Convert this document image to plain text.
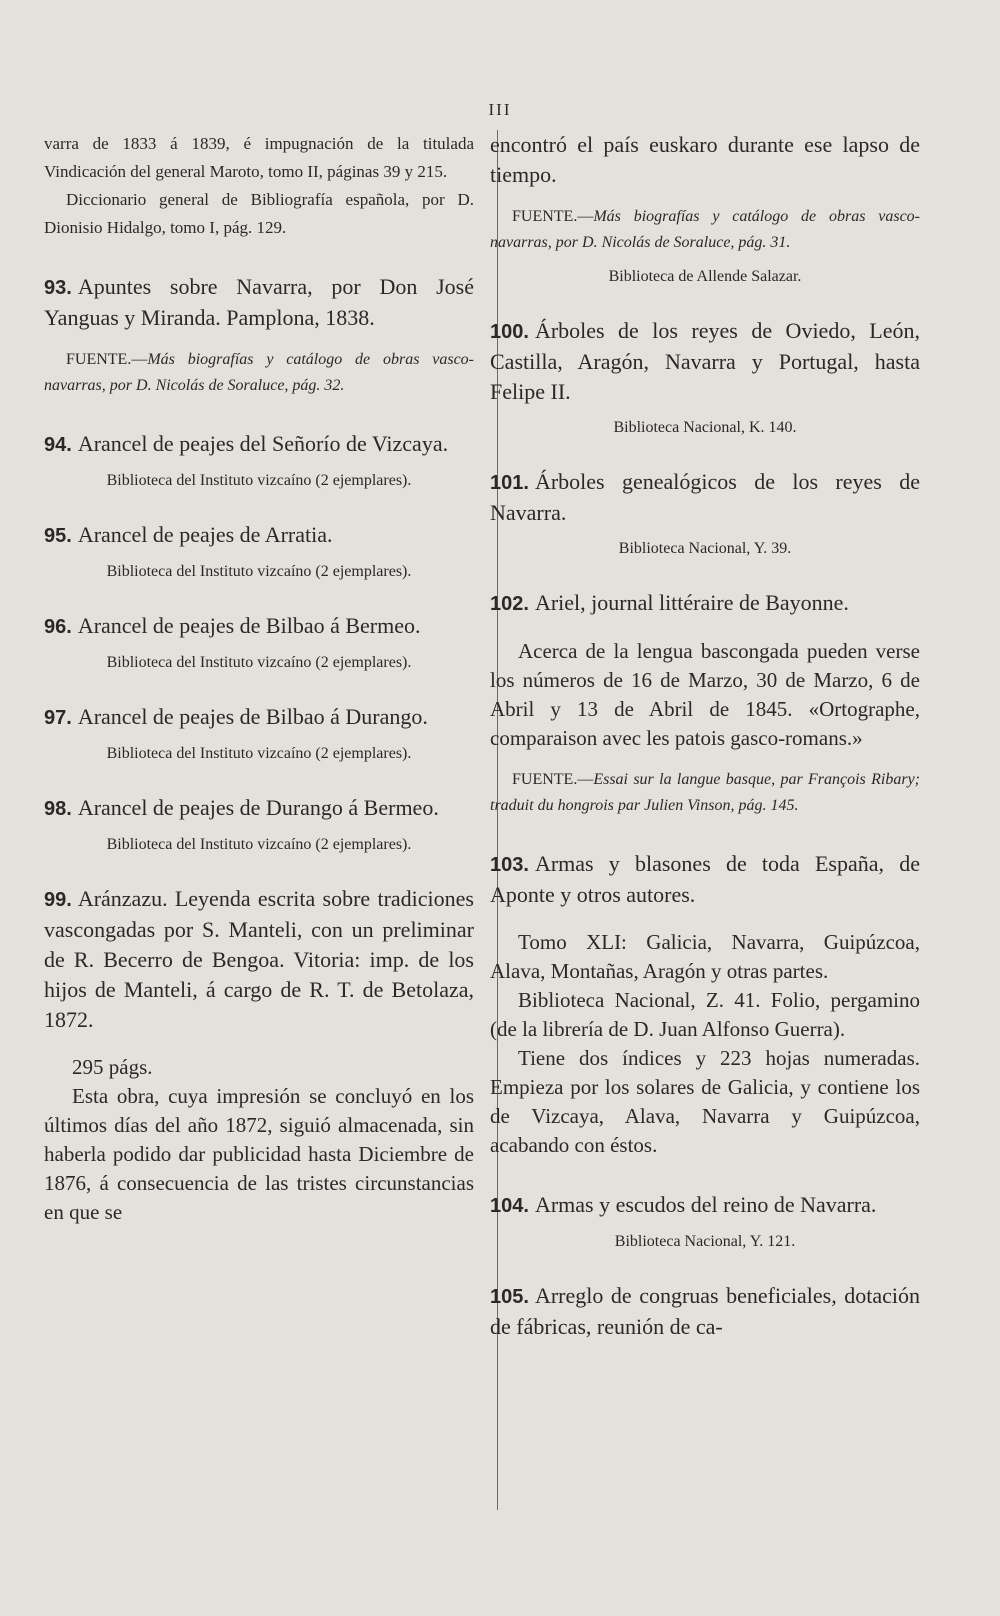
III

varra de 1833 á 1839, é impugnación de la titulada Vindicación del general Maroto, tomo II, páginas 39 y 215.

Diccionario general de Bibliografía española, por D. Dionisio Hidalgo, tomo I, pág. 129.

93. Apuntes sobre Navarra, por Don José Yanguas y Miranda. Pamplona, 1838.

FUENTE.—Más biografías y catálogo de obras vasco-navarras, por D. Nicolás de Soraluce, pág. 32.

94. Arancel de peajes del Señorío de Vizcaya.

Biblioteca del Instituto vizcaíno (2 ejemplares).

95. Arancel de peajes de Arratia.

Biblioteca del Instituto vizcaíno (2 ejemplares).

96. Arancel de peajes de Bilbao á Bermeo.

Biblioteca del Instituto vizcaíno (2 ejemplares).

97. Arancel de peajes de Bilbao á Durango.

Biblioteca del Instituto vizcaíno (2 ejemplares).

98. Arancel de peajes de Durango á Bermeo.

Biblioteca del Instituto vizcaíno (2 ejemplares).

99. Aránzazu. Leyenda escrita sobre tradiciones vascongadas por S. Manteli, con un preliminar de R. Becerro de Bengoa. Vitoria: imp. de los hijos de Manteli, á cargo de R. T. de Betolaza, 1872.

295 págs.

Esta obra, cuya impresión se concluyó en los últimos días del año 1872, siguió almacenada, sin haberla podido dar publicidad hasta Diciembre de 1876, á consecuencia de las tristes circunstancias en que se

encontró el país euskaro durante ese lapso de tiempo.

FUENTE.—Más biografías y catálogo de obras vasco-navarras, por D. Nicolás de Soraluce, pág. 31.

Biblioteca de Allende Salazar.

100. Árboles de los reyes de Oviedo, León, Castilla, Aragón, Navarra y Portugal, hasta Felipe II.

Biblioteca Nacional, K. 140.

101. Árboles genealógicos de los reyes de Navarra.

Biblioteca Nacional, Y. 39.

102. Ariel, journal littéraire de Bayonne.

Acerca de la lengua bascongada pueden verse los números de 16 de Marzo, 30 de Marzo, 6 de Abril y 13 de Abril de 1845. «Ortographe, comparaison avec les patois gasco-romans.»

FUENTE.—Essai sur la langue basque, par François Ribary; traduit du hongrois par Julien Vinson, pág. 145.

103. Armas y blasones de toda España, de Aponte y otros autores.

Tomo XLI: Galicia, Navarra, Guipúzcoa, Alava, Montañas, Aragón y otras partes.

Biblioteca Nacional, Z. 41. Folio, pergamino (de la librería de D. Juan Alfonso Guerra).

Tiene dos índices y 223 hojas numeradas. Empieza por los solares de Galicia, y contiene los de Vizcaya, Alava, Navarra y Guipúzcoa, acabando con éstos.

104. Armas y escudos del reino de Navarra.

Biblioteca Nacional, Y. 121.

105. Arreglo de congruas beneficiales, dotación de fábricas, reunión de ca-
